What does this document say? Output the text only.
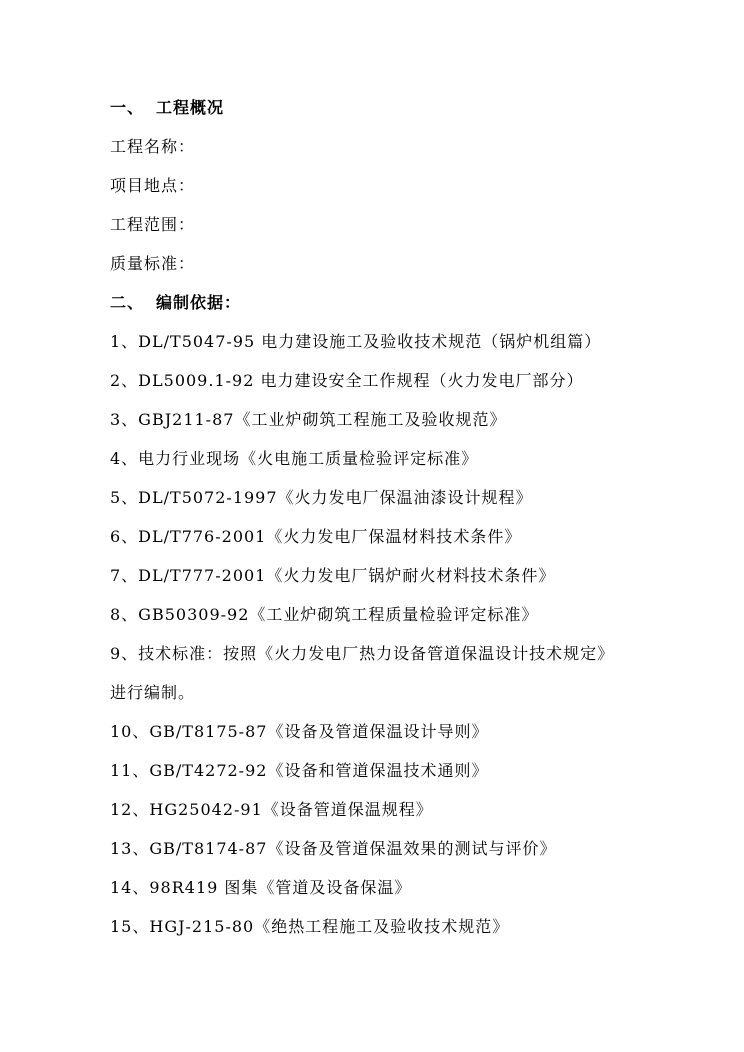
一、 工程概况
工程名称：
项目地点：
工程范围：
质量标准：
二、 编制依据：
1、DL/T5047-95 电力建设施工及验收技术规范（锅炉机组篇）
2、DL5009.1-92 电力建设安全工作规程（火力发电厂部分）
3、GBJ211-87《工业炉砌筑工程施工及验收规范》
4、电力行业现场《火电施工质量检验评定标准》
5、DL/T5072-1997《火力发电厂保温油漆设计规程》
6、DL/T776-2001《火力发电厂保温材料技术条件》
7、DL/T777-2001《火力发电厂锅炉耐火材料技术条件》
8、GB50309-92《工业炉砌筑工程质量检验评定标准》
9、技术标准：按照《火力发电厂热力设备管道保温设计技术规定》
进行编制。
10、GB/T8175-87《设备及管道保温设计导则》
11、GB/T4272-92《设备和管道保温技术通则》
12、HG25042-91《设备管道保温规程》
13、GB/T8174-87《设备及管道保温效果的测试与评价》
14、98R419 图集《管道及设备保温》
15、HGJ-215-80《绝热工程施工及验收技术规范》
